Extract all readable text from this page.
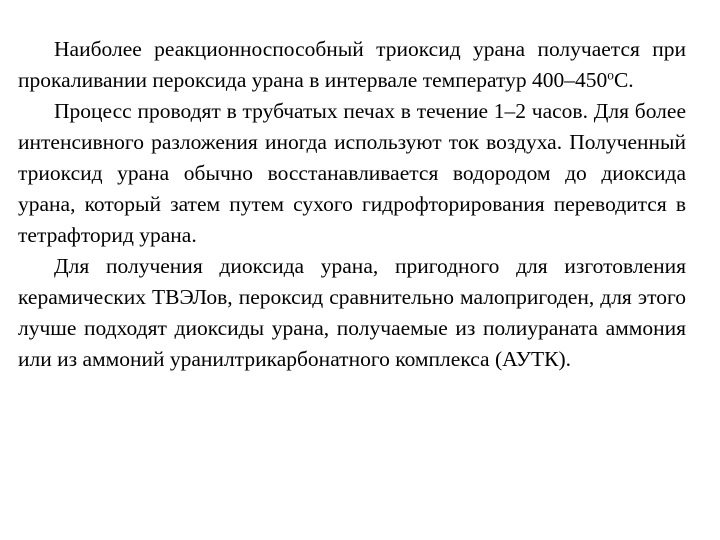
Наиболее реакционноспособный триоксид урана получается при прокаливании пероксида урана в интервале температур $400-450^оС$.

Процесс проводят в трубчатых печах в течение 1–2 часов. Для более интенсивного разложения иногда используют ток воздуха. Полученный триоксид урана обычно восстанавливается водородом до диоксида урана, который затем путем сухого гидрофторирования переводится в тетрафторид урана.

Для получения диоксида урана, пригодного для изготовления керамических ТВЭЛов, пероксид сравнительно малопригоден, для этого лучше подходят диоксиды урана, получаемые из полиураната аммония или из аммоний уранилтрикарбонатного комплекса (АУТК).
